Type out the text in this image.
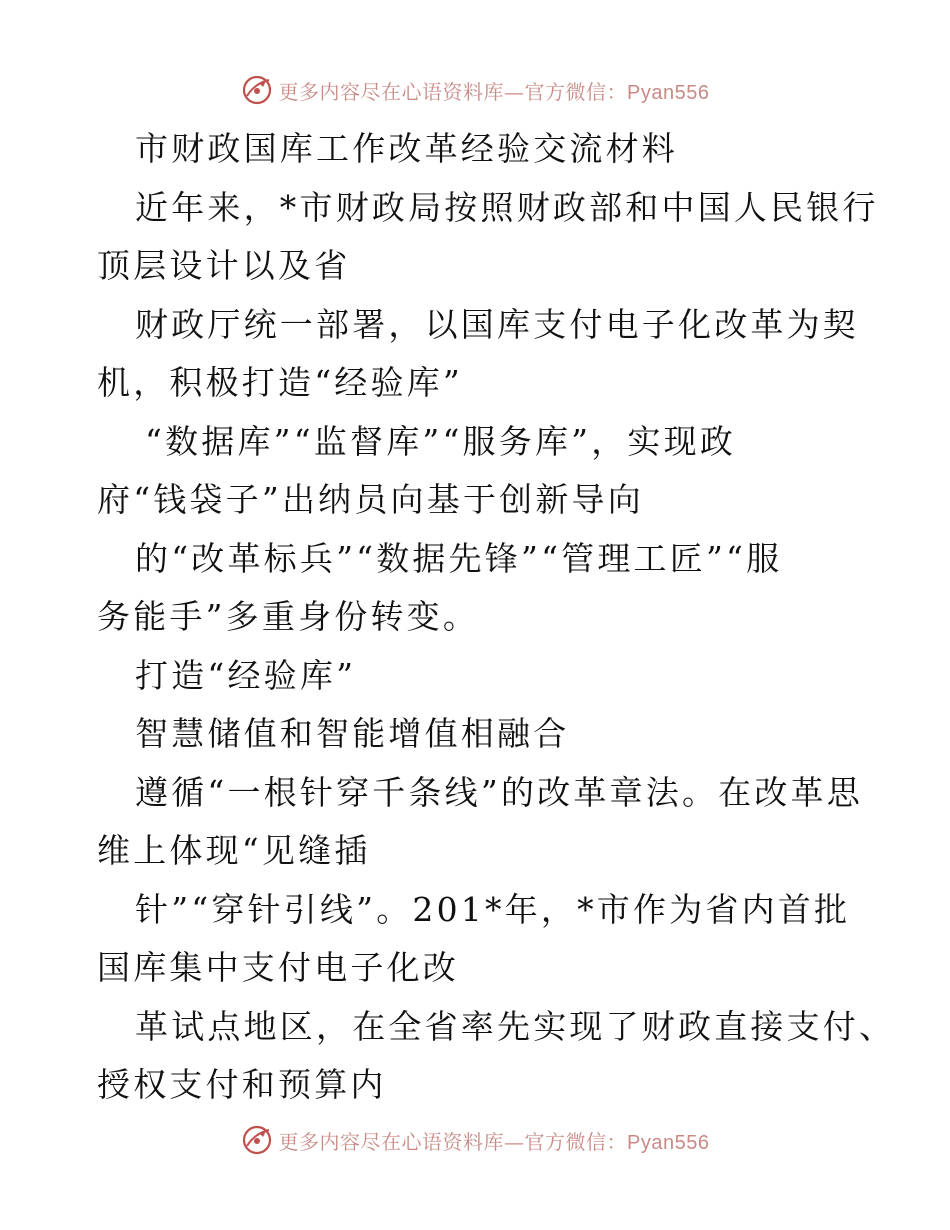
更多内容尽在心语资料库—官方微信：Pyan556
市财政国库工作改革经验交流材料
近年来，*市财政局按照财政部和中国人民银行
顶层设计以及省
财政厅统一部署，以国库支付电子化改革为契
机，积极打造“经验库”
“数据库”“监督库”“服务库”，实现政
府“钱袋子”出纳员向基于创新导向
的“改革标兵”“数据先锋”“管理工匠”“服
务能手”多重身份转变。
打造“经验库”
智慧储值和智能增值相融合
遵循“一根针穿千条线”的改革章法。在改革思
维上体现“见缝插
针”“穿针引线”。201*年，*市作为省内首批
国库集中支付电子化改
革试点地区，在全省率先实现了财政直接支付、
授权支付和预算内
更多内容尽在心语资料库—官方微信：Pyan556
